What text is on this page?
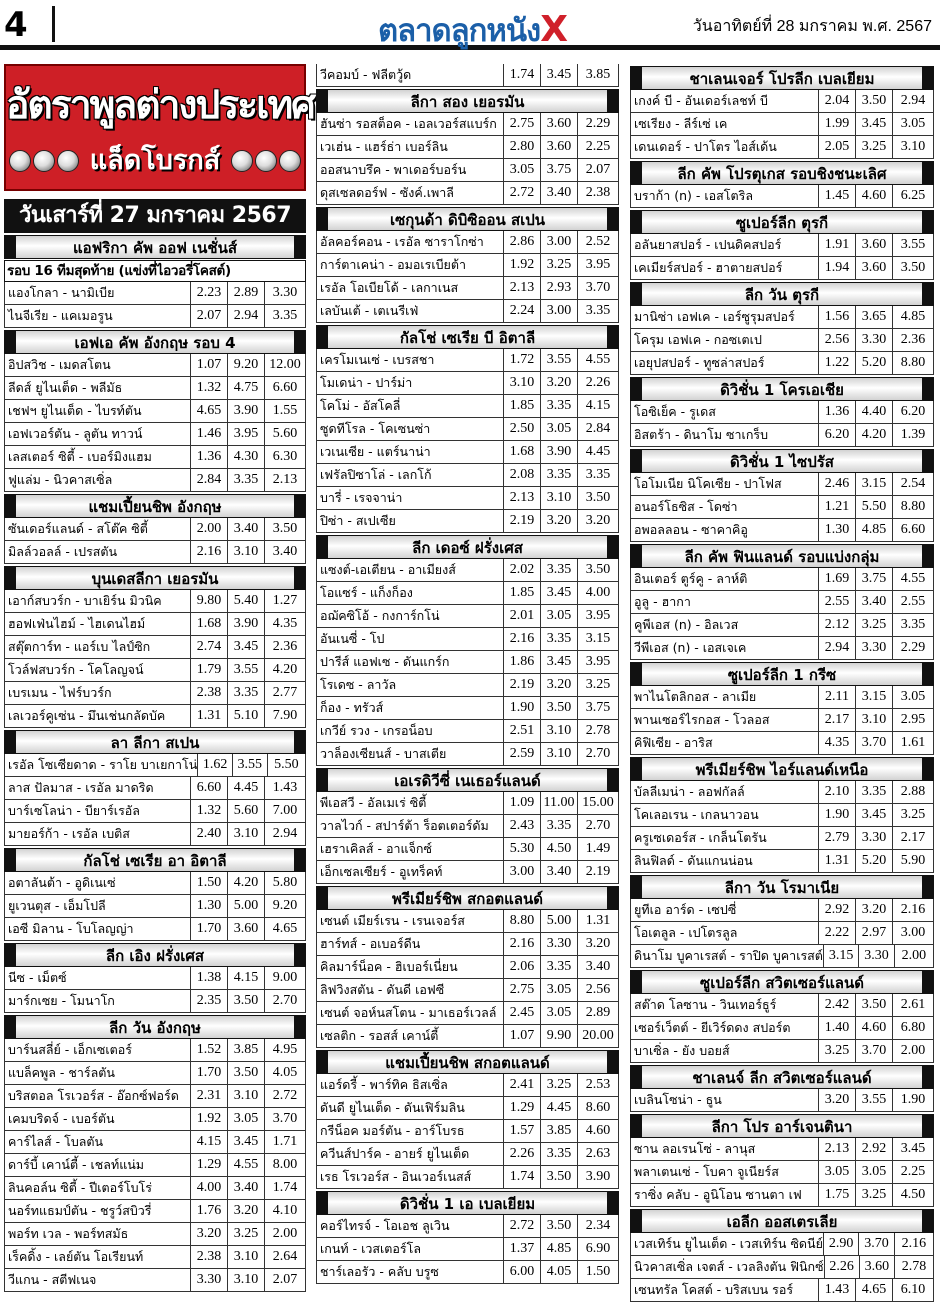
4	ตลาดลูกหนังX	วันอาทิตย์ที่ 28 มกราคม พ.ศ. 2567
อัตราพูลต่างประเทศ
แล็ดโบรกส์
วันเสาร์ที่ 27 มกราคม 2567
แอฟริกา คัพ ออฟ เนชั่นส์
รอบ 16 ทีมสุดท้าย (แข่งที่ไอวอรี่โคสต์)
แองโกลา - นามิเบีย	2.23 2.89	3.30
ไนจีเรีย - แคเมอรูน	2.07 2.94	3.35
เอฟเอ คัพ อังกฤษ รอบ 4
อิปสวิช - เมดสโตน	1.07 9.20 12.00
ลีดส์ ยูไนเต็ด - พลีมัธ	1.32 4.75	6.60
เชฟฯ ยูไนเต็ด - ไบรท์ตัน	4.65 3.90	1.55
เอฟเวอร์ตัน - ลูตัน ทาวน์	1.46 3.95	5.60
เลสเตอร์ ซิตี้ - เบอร์มิงแฮม	1.36 4.30	6.30
ฟูแล่ม - นิวคาสเซิ่ล	2.84 3.35	2.13
แชมเปี้ยนชิพ อังกฤษ
ซันเดอร์แลนด์ - สโต๊ค ซิตี้	2.00 3.40	3.50
มิลล์วอลล์ - เปรสตัน	2.16 3.10	3.40
บุนเดสลีกา เยอรมัน
เอาก์สบวร์ก - บาเยิร์น มิวนิค	9.80 5.40	1.27
ฮอฟเฟ่นไฮม์ - ไฮเดนไฮม์	1.68 3.90	4.35
สตุ๊ตการ์ท - แอร์เบ ไลป์ซิก	2.74 3.45	2.36
โวล์ฟสบวร์ก - โคโลญจน์	1.79 3.55	4.20
เบรเมน - ไฟร์บวร์ก	2.38 3.35	2.77
เลเวอร์คูเซ่น - มึนเช่นกลัดบัค	1.31 5.10	7.90
ลา ลีกา สเปน
เรอัล โซเซียดาด - ราโย บาเยกาโน่ 1.62 3.55 5.50
ลาส ปัลมาส - เรอัล มาดริด	6.60 4.45	1.43
บาร์เซโลน่า - บียาร์เรอัล	1.32 5.60	7.00
มายอร์ก้า - เรอัล เบติส	2.40 3.10	2.94
กัลโช่ เซเรีย อา อิตาลี
อตาลันต้า - อูดิเนเซ่	1.50 4.20	5.80
ยูเวนตุส - เอ็มโปลี	1.30 5.00	9.20
เอซี มิลาน - โบโลญญ่า	1.70 3.60	4.65
ลีก เอิง ฝรั่งเศส
นีซ - เม็ตซ์	1.38 4.15	9.00
มาร์กเซย - โมนาโก	2.35 3.50	2.70
ลีก วัน อังกฤษ
บาร์นสลี่ย์ - เอ็กเซเตอร์	1.52 3.85	4.95
แบล็คพูล - ชาร์ลตัน	1.70 3.50	4.05
บริสตอล โรเวอร์ส - อ๊อกซ์ฟอร์ด	2.31 3.10	2.72
เคมบริดจ์ - เบอร์ตัน	1.92 3.05	3.70
คาร์ไลส์ - โบลตัน	4.15 3.45	1.71
ดาร์บี้ เคาน์ตี้ - เชลท์แน่ม	1.29 4.55	8.00
ลินคอล์น ซิตี้ - ปีเตอร์โบโร่	4.00 3.40	1.74
นอร์ทแธมป์ตัน - ชรูว์สบิวรี่	1.76 3.20	4.10
พอร์ท เวล - พอร์ทสมัธ	3.20 3.25	2.00
เร็คดิ้ง - เลย์ตัน โอเรียนท์	2.38 3.10	2.64
วีแกน - สตีฟเนจ	3.30 3.10	2.07
วีคอมบ์ - ฟลีตวู้ด	1.74 3.45	3.85
ลีกา สอง เยอรมัน
ฮันซ่า รอสต็อค - เอลเวอร์สแบร์ก 2.75 3.60	2.29
เวเฮ่น - แฮร์ธ่า เบอร์ลิน	2.80 3.60	2.25
ออสนาบรึค - พาเดอร์บอร์น	3.05 3.75	2.07
ดุสเซลดอร์ฟ - ซังค์.เพาลี	2.72 3.40	2.38
เซกุนด้า ดิบิซิออน สเปน
อัลคอร์คอน - เรอัล ซาราโกซ่า	2.86 3.00	2.52
การ์ตาเคน่า - อมอเรเบียต้า	1.92 3.25	3.95
เรอัล โอเบียโด้ - เลกาเนส	2.13 2.93	3.70
เลบันเต้ - เตเนรีเฟ่	2.24 3.00	3.35
กัลโช่ เซเรีย บี อิตาลี
เครโมเนเซ่ - เบรสชา	1.72 3.55	4.55
โมเดน่า - ปาร์ม่า	3.10 3.20	2.26
โคโม่ - อัสโคลี่	1.85 3.35	4.15
ซูดทีโรล - โคเซนซ่า	2.50 3.05	2.84
เวเนเซีย - แตร์นาน่า	1.68 3.90	4.45
เฟรัลปิซาโล่ - เลกโก้	2.08 3.35	3.35
บารี่ - เรจจาน่า	2.13 3.10	3.50
ปิซ่า - สเปเซีย	2.19 3.20	3.20
ลีก เดอซ์ ฝรั่งเศส
แซงต์-เอเตียน - อาเมียงส์	2.02 3.35	3.50
โอแซร์ - แก็งก็อง	1.85 3.45	4.00
อฌัคซิโอ้ - กงการ์กโน่	2.01 3.05	3.95
อันเนซี่ - โป	2.16 3.35	3.15
ปารีส์ แอฟเซ - ดันแกร์ก	1.86 3.45	3.95
โรเดซ - ลาวัล	2.19 3.20	3.25
ก็อง - ทรัวส์	1.90 3.50	3.75
เกวีย์ รวง - เกรอน็อบ	2.51 3.10	2.78
วาล็องเซียนส์ - บาสเตีย	2.59 3.10	2.70
เอเรดิวีซี่ เนเธอร์แลนด์
พีเอสวี - อัลเมเร่ ซิตี้	1.09 11.00 15.00
วาลไวก์ - สปาร์ต้า ร็อตเตอร์ดัม	2.43 3.35	2.70
เฮราเคิลส์ - อาแจ็กซ์	5.30 4.50	1.49
เอ็กเซลเซียร์ - อูเทร็คท์	3.00 3.40	2.19
พรีเมียร์ชิพ สกอตแลนด์
เซนต์ เมียร์เรน - เรนเจอร์ส	8.80 5.00	1.31
ฮาร์ทส์ - อเบอร์ดีน	2.16 3.30	3.20
คิลมาร์น็อค - ฮิเบอร์เนี่ยน	2.06 3.35	3.40
ลิฟวิงสตัน - ดันดี เอฟซี	2.75 3.05	2.56
เซนต์ จอห์นสโตน - มาเธอร์เวลล์ 2.45 3.05	2.89
เซลติก - รอสส์ เคาน์ตี้	1.07 9.90 20.00
แชมเปี้ยนชิพ สกอตแลนด์
แอร์ดรี้ - พาร์ทิค ธิสเซิ่ล	2.41 3.25	2.53
ดันดี ยูไนเต็ด - ดันเฟิร์มลิน	1.29 4.45	8.60
กรีน็อค มอร์ตัน - อาร์โบรธ	1.57 3.85	4.60
ควีนส์ปาร์ค - อายร์ ยูไนเต็ด	2.26 3.35	2.63
เรธ โรเวอร์ส - อินเวอร์เนสส์	1.74 3.50	3.90
ดิวิชั่น 1 เอ เบลเยียม
คอร์ไทรจ์ - โอเอช ลูเวิน	2.72 3.50	2.34
เกนท์ - เวสเตอร์โล	1.37 4.85	6.90
ชาร์เลอรัว - คลับ บรูซ	6.00 4.05	1.50
ชาเลนเจอร์ โปรลีก เบลเยียม
เกงค์ บี - อันเดอร์เลชท์ บี	2.04 3.50	2.94
เซเรียง - ลีร์เซ่ เค	1.99 3.45	3.05
เดนเดอร์ - ปาโตร ไอส์เด้น	2.05 3.25	3.10
ลีก คัพ โปรตุเกส รอบชิงชนะเลิศ
บราก้า (n) - เอสโตริล	1.45 4.60	6.25
ซูเปอร์ลีก ตุรกี
อลันยาสปอร์ - เปนดิคสปอร์	1.91 3.60	3.55
เคเมียร์สปอร์ - ฮาตายสปอร์	1.94 3.60	3.50
ลีก วัน ตุรกี
มานิซ่า เอฟเค - เอร์ซูรุมสปอร์	1.56 3.65	4.85
โครุม เอฟเค - กอซเตเป	2.56 3.30	2.36
เอยุปสปอร์ - ทูซล่าสปอร์	1.22 5.20	8.80
ดิวิชั่น 1 โครเอเชีย
โอซิเย็ค - รูเดส	1.36 4.40	6.20
อิสตร้า - ดินาโม ซาเกร็บ	6.20 4.20	1.39
ดิวิชั่น 1 ไซปรัส
โอโมเนีย นิโคเซีย - ปาโฟส	2.46 3.15	2.54
อนอร์โธซิส - โดซ่า	1.21 5.50	8.80
อพอลลอน - ซาคาคิอู	1.30 4.85	6.60
ลีก คัพ ฟินแลนด์ รอบแบ่งกลุ่ม
อินเตอร์ ตูร์คู - ลาห์ติ	1.69 3.75	4.55
อูลู - ฮากา	2.55 3.40	2.55
คูพีเอส (n) - อิลเวส	2.12 3.25	3.35
วีพีเอส (n) - เอสเจเค	2.94 3.30	2.29
ซูเปอร์ลีก 1 กรีซ
พาไนโตลิกอส - ลาเมีย	2.11 3.15	3.05
พานเซอร์ไรกอส - โวลอส	2.17 3.10	2.95
คิฟิเซีย - อาริส	4.35 3.70	1.61
พรีเมียร์ชิพ ไอร์แลนด์เหนือ
บัลลีเมน่า - ลอฟกัลล์	2.10 3.35	2.88
โคเลอเรน - เกลนาวอน	1.90 3.45	3.25
ครูเซเดอร์ส - เกล็นโตรัน	2.79 3.30	2.17
ลินฟิลด์ - ดันแกนน่อน	1.31 5.20	5.90
ลีกา วัน โรมาเนีย
ยูทีเอ อาร์ด - เซปซี่	2.92 3.20	2.16
โอเตลูล - เปโตรลูล	2.22 2.97	3.00
ดินาโม บูคาเรสต์ - ราปิด บูคาเรสต์ 3.15 3.30 2.00
ซูเปอร์ลีก สวิตเซอร์แลนด์
สต๊าด โลซาน - วินเทอร์ธูร์	2.42 3.50	2.61
เซอร์เว็ตต์ - ยีเวิร์ดดง สปอร์ต	1.40 4.60	6.80
บาเซิ่ล - ยัง บอยส์	3.25 3.70	2.00
ชาเลนจ์ ลีก สวิตเซอร์แลนด์
เบลินโซน่า - ธูน	3.20 3.55	1.90
ลีกา โปร อาร์เจนตินา
ซาน ลอเรนโซ่ - ลานุส	2.13 2.92	3.45
พลาเตนเซ่ - โบคา จูเนียร์ส	3.05 3.05	2.25
ราซิ่ง คลับ - อูนิโอน ซานตา เฟ	1.75 3.25	4.50
เอลีก ออสเตรเลีย
เวสเทิร์น ยูไนเต็ด - เวสเทิร์น ซิดนีย์ 2.90 3.70 2.16
นิวคาสเซิ่ล เจตส์ - เวลลิงตัน ฟินิกซ์ 2.26 3.60 2.78
เซนทรัล โคสต์ - บริสเบน รอร์	1.43 4.65	6.10
